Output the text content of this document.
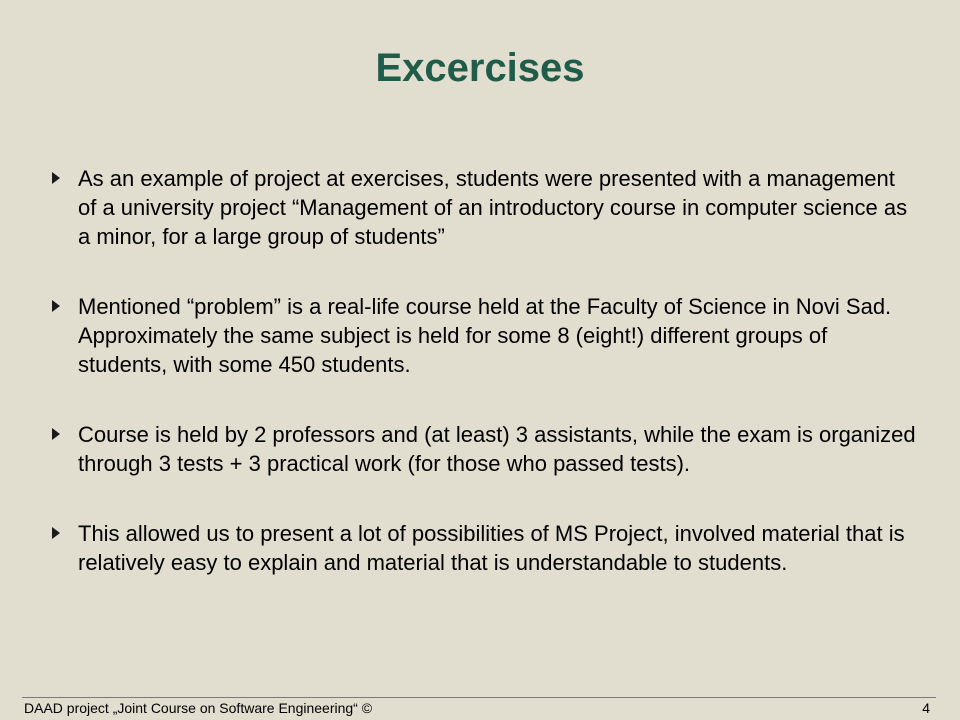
Excercises
As an example of project at exercises, students were presented with a management of a university project “Management of an introductory course in computer science as a minor, for a large group of students”
Mentioned “problem” is a real-life course held at the Faculty of Science in Novi Sad. Approximately the same subject is held for some 8 (eight!) different groups of students, with some 450 students.
Course is held by 2 professors and (at least) 3 assistants, while the exam is organized through 3 tests + 3 practical work (for those who passed tests).
This allowed us to present a lot of possibilities of MS Project, involved material that is relatively easy to explain and material that is understandable to students.
DAAD project „Joint Course on Software Engineering“ ©	4
